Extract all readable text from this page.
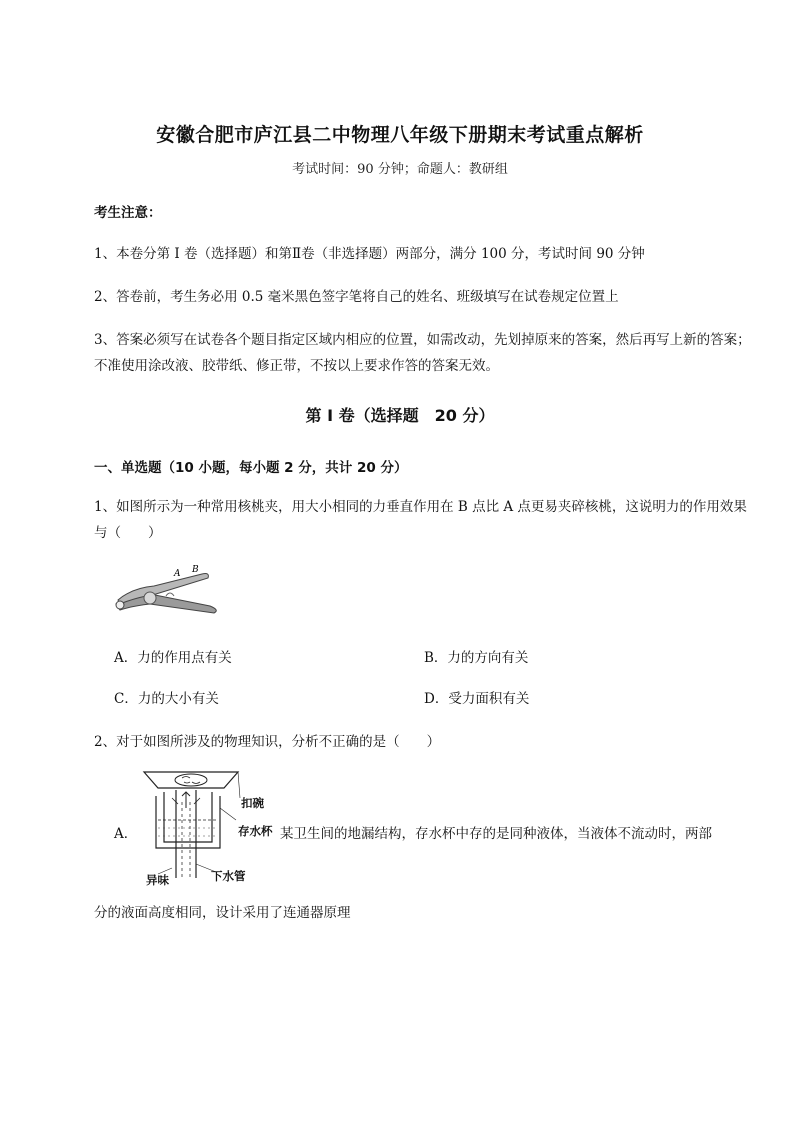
安徽合肥市庐江县二中物理八年级下册期末考试重点解析
考试时间：90 分钟；命题人：教研组
考生注意：
1、本卷分第 I 卷（选择题）和第Ⅱ卷（非选择题）两部分，满分 100 分，考试时间 90 分钟
2、答卷前，考生务必用 0.5 毫米黑色签字笔将自己的姓名、班级填写在试卷规定位置上
3、答案必须写在试卷各个题目指定区域内相应的位置，如需改动，先划掉原来的答案，然后再写上新的答案；不准使用涂改液、胶带纸、修正带，不按以上要求作答的答案无效。
第 I 卷（选择题　20 分）
一、单选题（10 小题，每小题 2 分，共计 20 分）
1、如图所示为一种常用核桃夹，用大小相同的力垂直作用在 B 点比 A 点更易夹碎核桃，这说明力的作用效果与（　　）
A B
A．力的作用点有关	B．力的方向有关
C．力的大小有关	D．受力面积有关
2、对于如图所涉及的物理知识，分析不正确的是（　　）
A．
扣碗
存水杯
异味	下水管
某卫生间的地漏结构，存水杯中存的是同种液体，当液体不流动时，两部
分的液面高度相同，设计采用了连通器原理
